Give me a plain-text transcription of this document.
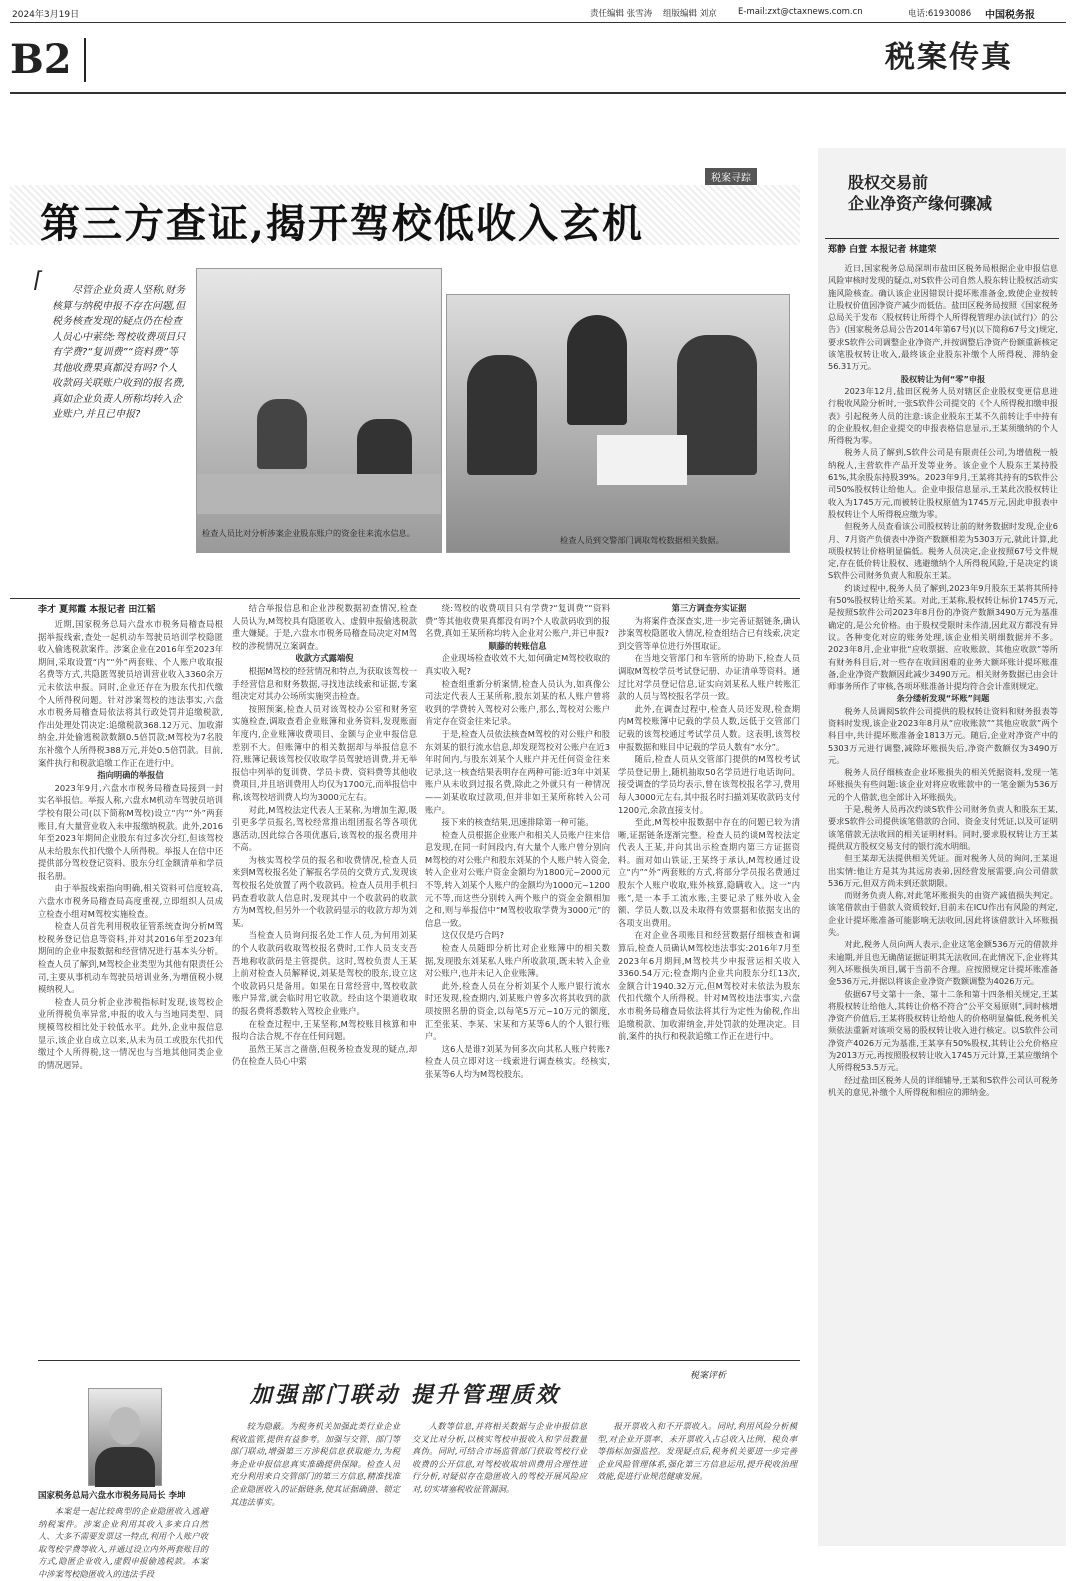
2024年3月19日	责任编辑 张雪涛 组版编辑 刘京	E-mail:zxt@ctaxnews.com.cn	电话:61930086 中国税务报
B2	税案传真
税案寻踪
第三方查证,揭开驾校低收入玄机
⌈	尽管企业负责人坚称,财务核算与纳税申报不存在问题,但税务核查发现的疑点仍在检查人员心中萦绕:驾校收费项目只有学费?“复训费”“资料费”等其他收费果真都没有吗?个人收款码关联账户收到的报名费,真如企业负责人所称均转入企业账户,并且已申报?
检查人员比对分析涉案企业股东账户的资金往来流水信息。
检查人员到交警部门调取驾校数据相关数据。
李才 夏邦霞 本报记者 田江韬

近期,国家税务总局六盘水市税务局稽查局根据举报线索,查处一起机动车驾驶员培训学校隐匿收入偷逃税款案件。涉案企业在2016年至2023年期间,采取设置“内”“外”两套账、个人账户收取报名费等方式,共隐匿驾驶员培训营业收入3360余万元未依法申报。同时,企业还存在为股东代扣代缴个人所得税问题。针对涉案驾校的违法事实,六盘水市税务局稽查局依法将其行政处罚并追缴税款,作出处理处罚决定:追缴税款368.12万元、加收滞纳金,并处偷逃税款数额0.5倍罚款;M驾校为7名股东补缴个人所得税388万元,并处0.5倍罚款。目前,案件执行和税款追缴工作正在进行中。

指向明确的举报信

2023年9月,六盘水市税务局稽查局接到一封实名举报信。举报人称,六盘水M机动车驾驶员培训学校有限公司(以下简称M驾校)设立“内”“外”两套账目,有大量营业收入未申报缴纳税款。此外,2016年至2023年期间企业股东有过多次分红,但该驾校从未给股东代扣代缴个人所得税。举报人在信中还提供部分驾校登记资料、股东分红金额清单和学员报名册。

由于举报线索指向明确,相关资料可信度较高,六盘水市税务局稽查局高度重视,立即组织人员成立检查小组对M驾校实施检查。

检查人员首先利用税收征管系统查询分析M驾校税务登记信息等资料,并对其2016年至2023年期间的企业申报数据和经营情况进行基本头分析。检查人员了解到,M驾校企业类型为其他有限责任公司,主要从事机动车驾驶员培训业务,为增值税小规模纳税人。

检查人员分析企业涉税指标时发现,该驾校企业所得税负率异常,申报的收入与当地同类型、同规模驾校相比处于较低水平。此外,企业申报信息显示,该企业自成立以来,从未为员工或股东代扣代缴过个人所得税,这一情况也与当地其他同类企业的情况迥异。

结合举报信息和企业涉税数据初查情况,检查人员认为,M驾校具有隐匿收入、虚假申报偷逃税款重大嫌疑。于是,六盘水市税务局稽查局决定对M驾校的涉税情况立案调查。

收款方式露端倪

根据M驾校的经营情况和特点,为获取该驾校一手经营信息和财务数据,寻找违法线索和证据,专案组决定对其办公场所实施突击检查。

按照预案,检查人员对该驾校办公室和财务室实施检查,调取查看企业账簿和业务资料,发现账面年度内,企业账簿收费项目、金额与企业申报信息差别不大。但账簿中的相关数据却与举报信息不符,账簿记载该驾校仅收取学员驾驶培训费,并无举报信中列举的复训费、学员卡费、资料费等其他收费项目,并且培训费用人均仅为1700元,而举报信中称,该驾校培训费人均为3000元左右。

对此,M驾校法定代表人王某称,为增加生源,吸引更多学员报名,驾校经常推出组团报名等各项优惠活动,因此综合各项优惠后,该驾校的报名费用并不高。

为核实驾校学员的报名和收费情况,检查人员来到M驾校报名处了解报名学员的交费方式,发现该驾校报名处放置了两个收款码。检查人员用手机扫码查看收款人信息时,发现其中一个收款码的收款方为M驾校,但另外一个收款码显示的收款方却为刘某。

当检查人员询问报名处工作人员,为何用刘某的个人收款码收取驾校报名费时,工作人员支支吾吾地称收款码是主管提供。这时,驾校负责人王某上前对检查人员解释说,刘某是驾校的股东,设立这个收款码只是备用。如果在日常经营中,驾校收款账户异常,就会临时用它收款。经由这个渠道收取的报名费将悉数转入驾校企业账户。

在检查过程中,王某坚称,M驾校账目核算和申报均合法合规,不存在任何问题。

虽然王某言之凿凿,但税务检查发现的疑点,却仍在检查人员心中萦

绕:驾校的收费项目只有学费?“复训费”“资料费”等其他收费果真都没有吗?个人收款码收到的报名费,真如王某所称均转入企业对公账户,并已申报?

顺藤的转账信息

企业现场检查收效不大,如何确定M驾校收取的真实收入呢?

检查组重新分析案情,检查人员认为,如真像公司法定代表人王某所称,股东刘某的私人账户曾将收到的学费转入驾校对公账户,那么,驾校对公账户肯定存在资金往来记录。

于是,检查人员依法核查M驾校的对公账户和股东刘某的银行流水信息,却发现驾校对公账户在近3年时间内,与股东刘某个人账户并无任何资金往来记录,这一核查结果表明存在两种可能:近3年中刘某账户从未收到过报名费,除此之外就只有一种情况——刘某收取过款项,但并非如王某所称转入公司账户。

接下来的核查结果,迅速排除第一种可能。

检查人员根据企业账户和相关人员账户往来信息发现,在同一时间段内,有大量个人账户曾分别向M驾校的对公账户和股东刘某的个人账户转入资金,转入企业对公账户资金金额均为1800元~2000元不等,转入刘某个人账户的金额均为1000元~1200元不等,而这些分别转入两个账户的资金金额相加之和,则与举报信中“M驾校收取学费为3000元”的信息一致。

这仅仅是巧合吗?

检查人员随即分析比对企业账簿中的相关数据,发现股东刘某私人账户所收款项,既未转入企业对公账户,也并未记入企业账簿。

此外,检查人员在分析刘某个人账户银行流水时还发现,检查期内,刘某账户曾多次将其收到的款项按照名册的资金,以每笔5万元~10万元的额度,汇至张某、李某、宋某和方某等6人的个人银行账户。

这6人是谁?刘某为何多次向其私人账户转账?检查人员立即对这一线索进行调查核实。经核实,张某等6人均为M驾校股东。

第三方调查夯实证据

为将案件查深查实,进一步完善证据链条,确认涉案驾校隐匿收入情况,检查组结合已有线索,决定到交管等单位进行外围取证。

在当地交管部门和车管所的协助下,检查人员调取M驾校学员考试登记册、办证清单等资料。通过比对学员登记信息,证实向刘某私人账户转账汇款的人员与驾校报名学员一致。

此外,在调查过程中,检查人员还发现,检查期内M驾校账簿中记载的学员人数,远低于交管部门记载的该驾校通过考试学员人数。这表明,该驾校申报数据和账目中记载的学员人数有“水分”。

随后,检查人员从交管部门提供的M驾校考试学员登记册上,随机抽取50名学员进行电话询问。接受调查的学员均表示,曾在该驾校报名学习,费用每人3000元左右,其中报名时扫描刘某收款码支付1200元,余款直接支付。

至此,M驾校申报数据中存在的问题已较为清晰,证据链条逐渐完整。检查人员约谈M驾校法定代表人王某,并向其出示检查期内第三方证据资料。面对如山铁证,王某终于承认,M驾校通过设立“内”“外”两套账的方式,将部分学员报名费通过股东个人账户收取,账外核算,隐瞒收入。这一“内账”,是一本手工流水账,主要记录了账外收入金额、学员人数,以及未取得有效票据和依据支出的各项支出费用。

在对企业各项账目和经营数据仔细核查和调算后,检查人员确认M驾校违法事实:2016年7月至2023年6月期间,M驾校共少申报营运相关收入3360.54万元;检查期内企业共向股东分红13次,金额合计1940.32万元,但M驾校对未依法为股东代扣代缴个人所得税。针对M驾校违法事实,六盘水市税务局稽查局依法将其行为定性为偷税,作出追缴税款、加收滞纳金,并处罚款的处理决定。目前,案件的执行和税款追缴工作正在进行中。

国家税务总局六盘水市税务局局长 李坤
税案评析
加强部门联动 提升管理质效

本案是一起比较典型的企业隐匿收入逃避纳税案件。涉案企业利用其收入多来自自然人、大多不需要发票这一特点,利用个人账户收取驾校学费等收入,并通过设立内外两套账目的方式,隐匿企业收入,虚假申报偷逃税款。本案中涉案驾校隐匿收入的违法手段

较为隐蔽。为税务机关加强此类行业企业税收监管,提供有益参考。加强与交管、部门等部门联动,增强第三方涉税信息获取能力,为税务企业申报信息真实准确提供保障。检查人员充分利用来自交管部门的第三方信息,精准找准企业隐匿收入的证据链条,使其证据确凿、锁定其违法事实。

人数等信息,并将相关数据与企业申报信息交叉比对分析,以核实驾校申报收入和学员数量真伪。同时,可结合市场监管部门获取驾校行业收费的公开信息,对驾校收取培训费用合理性进行分析,对疑似存在隐匿收入的驾校开展风险应对,切实堵塞税收征管漏洞。

报开票收入和不开票收入。同时,利用风险分析模型,对企业开票率、未开票收入占总收入比例、税负率等指标加强监控。发现疑点后,税务机关要进一步完善企业风险管理体系,强化第三方信息运用,提升税收治理效能,促进行业规范健康发展。

股权交易前
企业净资产缘何骤减
郑静 白萱 本报记者 林建荣

近日,国家税务总局深圳市盐田区税务局根据企业申报信息风险审核时发现的疑点,对S软件公司自然人股东转让股权活动实施风险核查。确认该企业因错误计提坏账准备金,致使企业按转让股权价值因净资产减少而低估。盐田区税务局按照《国家税务总局关于发布〈股权转让所得个人所得税管理办法(试行)〉的公告》(国家税务总局公告2014年第67号)(以下简称67号文)规定,要求S软件公司调整企业净资产,并按调整后净资产份额重新核定该笔股权转让收入,最终该企业股东补缴个人所得税、滞纳金56.31万元。

股权转让为何“零”申报

2023年12月,盐田区税务人员对辖区企业股权变更信息进行税收风险分析时,一张S软件公司提交的《个人所得税扣缴申报表》引起税务人员的注意:该企业股东王某不久前转让手中持有的企业股权,但企业提交的申报表格信息显示,王某须缴纳的个人所得税为零。

税务人员了解到,S软件公司是有限责任公司,为增值税一般纳税人,主营软件产品开发等业务。该企业个人股东王某持股61%,其余股东持股39%。2023年9月,王某将其持有的S软件公司50%股权转让给他人。企业申报信息显示,王某此次股权转让收入为1745万元,而被转让股权原值为1745万元,因此申报表中股权转让个人所得税应缴为零。

但税务人员查看该公司股权转让前的财务数据时发现,企业6月、7月资产负债表中净资产数额相差为5303万元,就此计算,此项股权转让价格明显偏低。税务人员决定,企业按照67号文件规定,存在低价转让股权、逃避缴纳个人所得税风险,于是决定约谈S软件公司财务负责人和股东王某。

约谈过程中,税务人员了解到,2023年9月股东王某将其所持有50%股权转让给买某。对此,王某称,股权转让标价1745万元,是按照S软件公司2023年8月份的净资产数额3490万元为基准确定的,是公允价格。由于股权受限时未作清,因此双方都没有异议。各种变化对应的账务处理,该企业相关明细数据并不多。2023年8月,企业审批“应收票据、应收账款、其他应收款”等所有财务科目后,对一些存在收回困难的业务大额坏账计提坏账准备,企业净资产数额因此减少3490万元。相关财务数据已由会计师事务所作了审核,各项坏账准备计提均符合会计准则规定。

条分缕析发现“坏账”问题

税务人员调阅S软件公司提供的股权转让资料和财务报表等资料时发现,该企业2023年8月从“应收账款”“其他应收款”两个科目中,共计提坏账准备金1813万元。随后,企业对净资产中的5303万元进行调整,减除坏账损失后,净资产数额仅为3490万元。

税务人员仔细核查企业坏账损失的相关凭据资料,发现一笔坏账损失有些问题:该企业对将应收账款中的一笔金额为536万元的个人借款,也全部计入坏账损失。

于是,税务人员再次约谈S软件公司财务负责人和股东王某,要求S软件公司提供该笔借款的合同、资金支付凭证,以及可证明该笔借款无法收回的相关证明材料。同时,要求股权转让方王某提供双方股权交易支付的银行流水明细。

但王某却无法提供相关凭证。面对税务人员的询问,王某退出实情:他让方是其为其远房表弟,因经营发展需要,向公司借款536万元,但双方尚未到还款期限。

而财务负责人称,对此笔坏账损失的由资产减值损失判定。该笔借款由于借款人资质较好,目前未在ICU作出有风险的判定,企业计提坏账准备可能影响无法收回,因此将该借款计入坏账损失。

对此,税务人员向两人表示,企业这笔金额536万元的借款并未逾期,并且也无确凿证据证明其无法收回,在此情况下,企业将其列入坏账损失项目,属于当前不合理。应按照规定计提坏账准备金536万元,并据以将该企业净资产数额调整为4026万元。

依据67号文第十一条、第十二条和第十四条相关规定,王某将股权转让给他人,其转让价格不符合“公平交易原则”,同时核增净资产价值后,王某将股权转让给他人的价格明显偏低,税务机关须依法重新对该项交易的股权转让收入进行核定。以S软件公司净资产4026万元为基准,王某享有50%股权,其转让公允价格应为2013万元,再按照股权转让收入1745万元计算,王某应缴纳个人所得税53.5万元。

经过盐田区税务人员的详细辅导,王某和S软件公司认可税务机关的意见,补缴个人所得税和相应的滞纳金。
